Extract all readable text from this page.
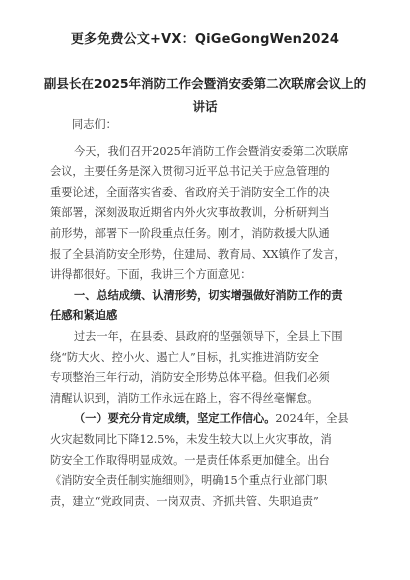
更多免费公文+VX：QiGeGongWen2024
副县长在2025年消防工作会暨消安委第二次联席会议上的
讲话
同志们：
今天，我们召开2025年消防工作会暨消安委第二次联席
会议，主要任务是深入贯彻习近平总书记关于应急管理的
重要论述，全面落实省委、省政府关于消防安全工作的决
策部署，深刻汲取近期省内外火灾事故教训，分析研判当
前形势，部署下一阶段重点任务。刚才，消防救援大队通
报了全县消防安全形势，住建局、教育局、XX镇作了发言，
讲得都很好。下面，我讲三个方面意见：
一、总结成绩、认清形势，切实增强做好消防工作的责
任感和紧迫感
过去一年，在县委、县政府的坚强领导下，全县上下围
绕“防大火、控小火、遏亡人”目标，扎实推进消防安全
专项整治三年行动，消防安全形势总体平稳。但我们必须
清醒认识到，消防工作永远在路上，容不得丝毫懈怠。
（一）要充分肯定成绩，坚定工作信心。2024年，全县
火灾起数同比下降12.5%，未发生较大以上火灾事故，消
防安全工作取得明显成效。一是责任体系更加健全。出台
《消防安全责任制实施细则》，明确15个重点行业部门职
责，建立“党政同责、一岗双责、齐抓共管、失职追责”
